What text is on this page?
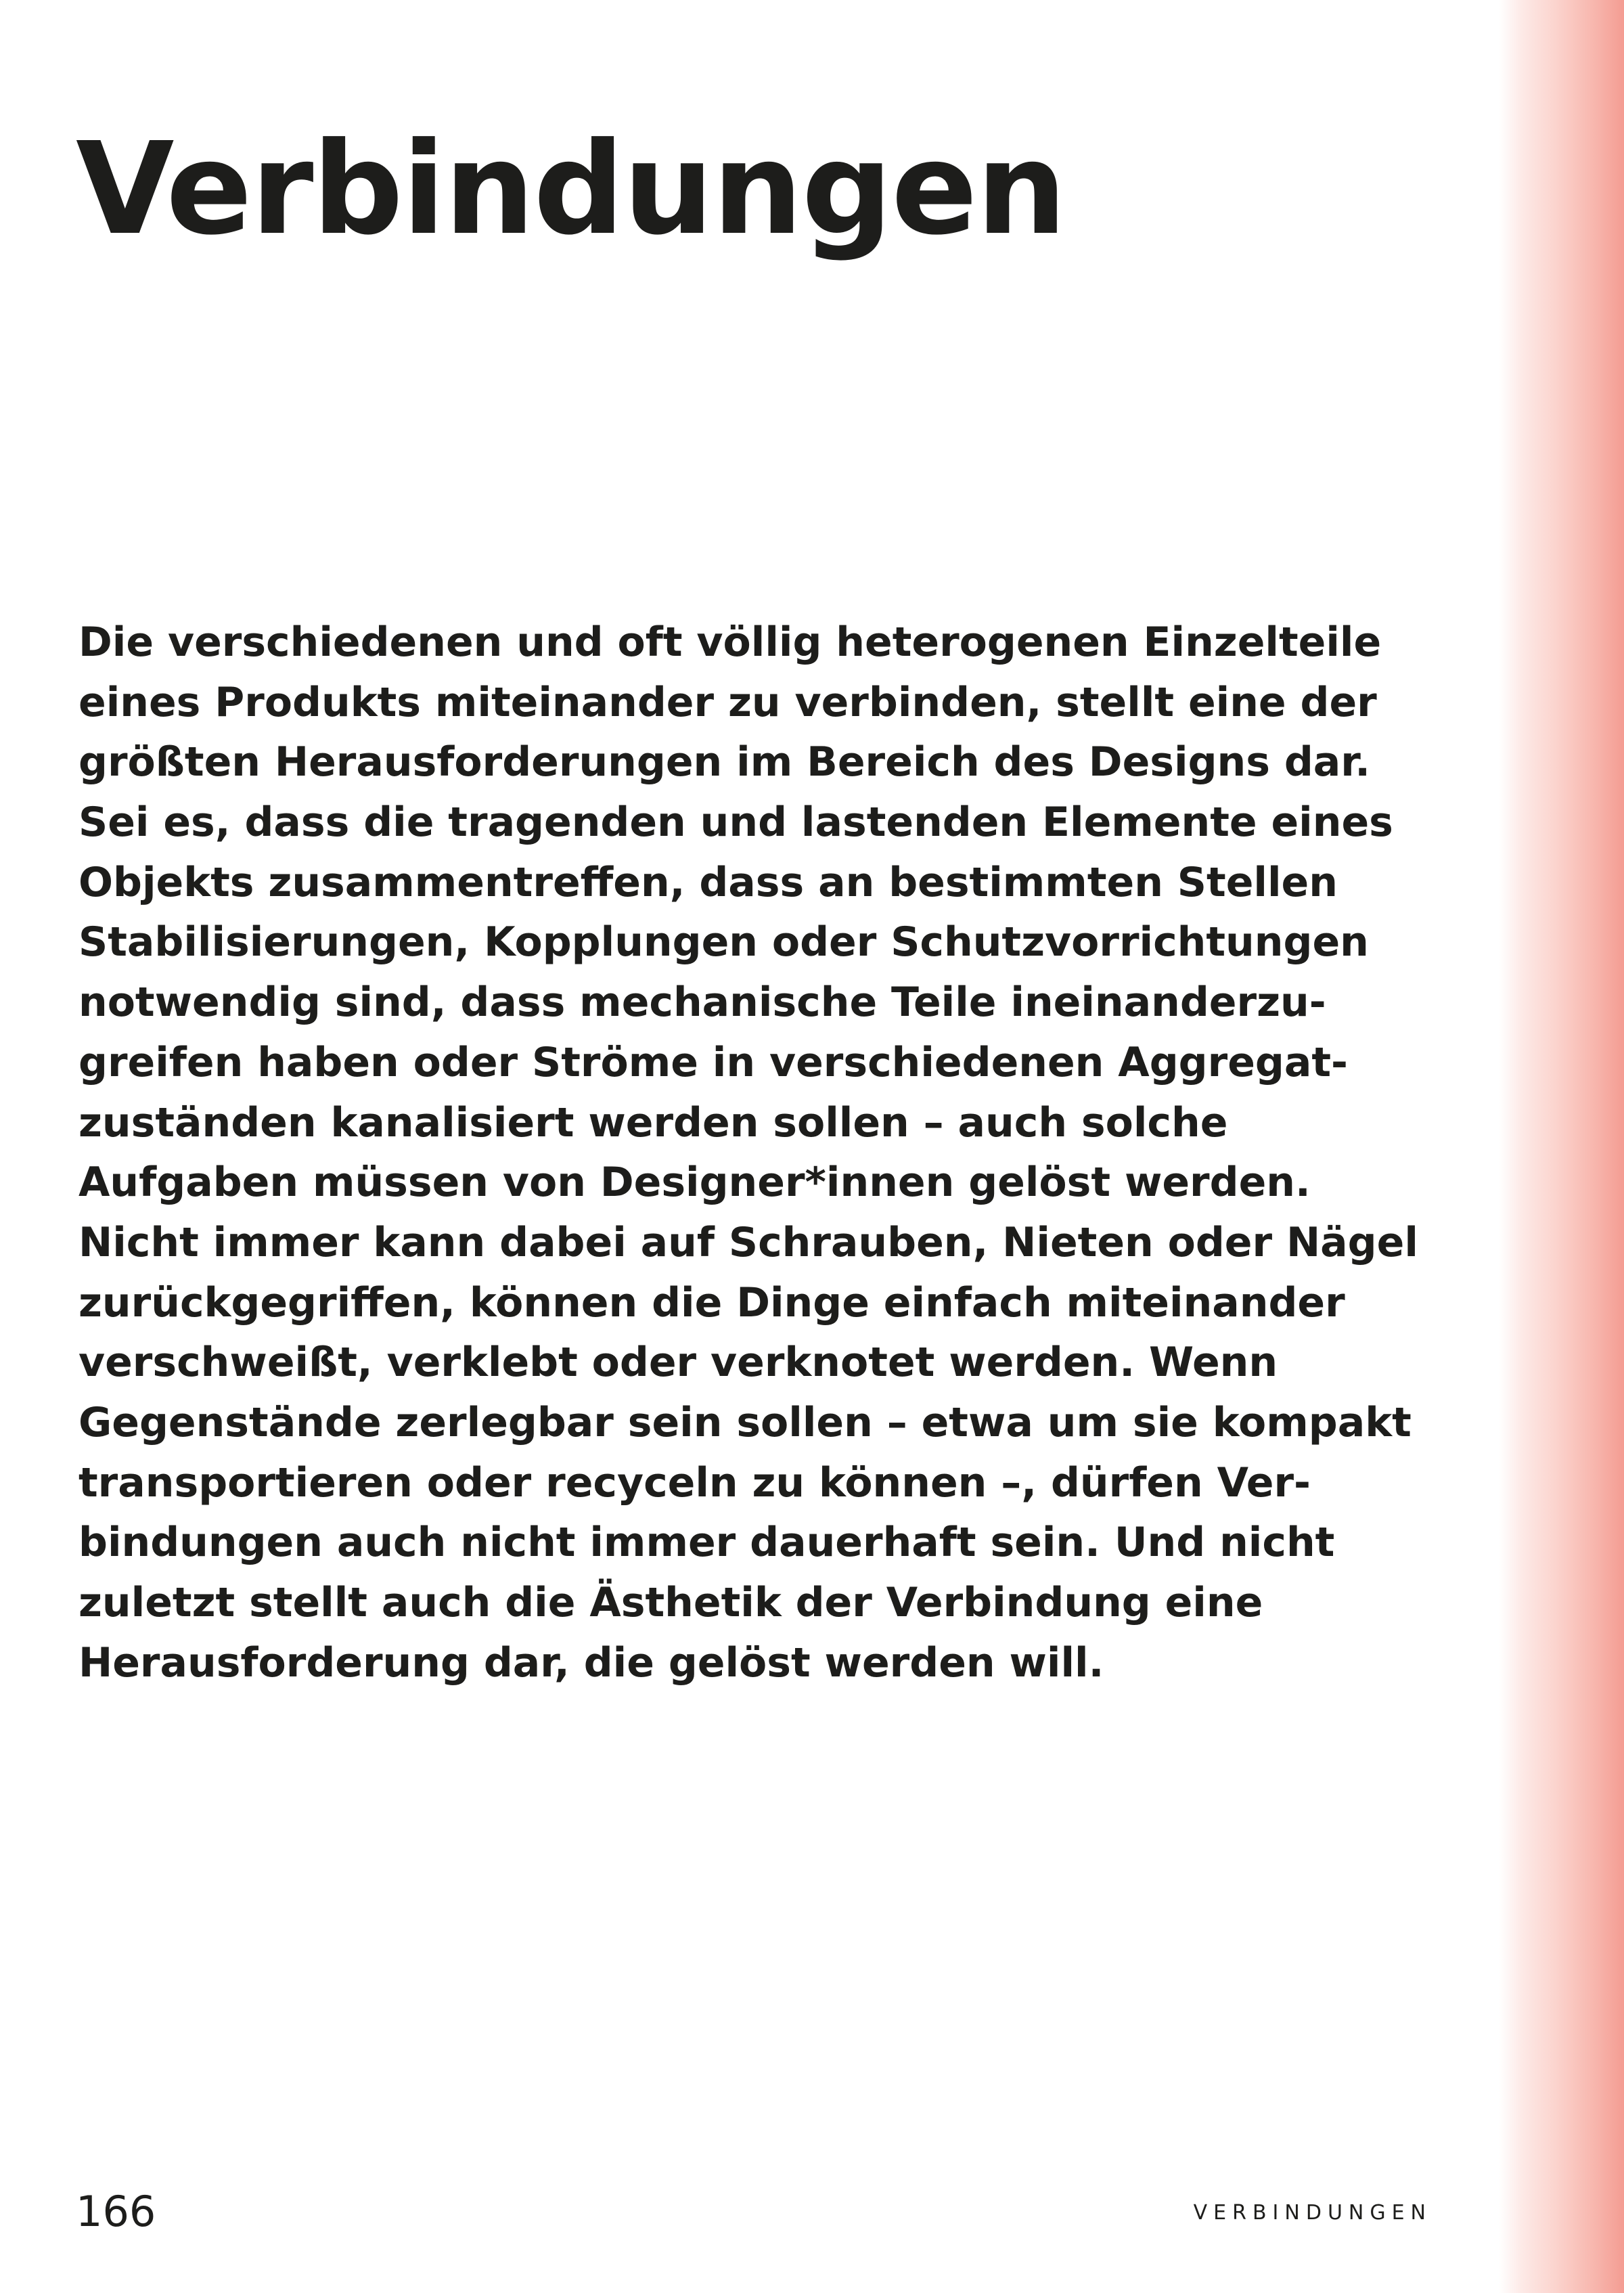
Verbindungen
Die verschiedenen und oft völlig heterogenen Einzelteile
eines Produkts miteinander zu verbinden, stellt eine der
größten Herausforderungen im Bereich des Designs dar.
Sei es, dass die tragenden und lastenden Elemente eines
Objekts zusammentreffen, dass an bestimmten Stellen
Stabilisierungen, Kopplungen oder Schutzvorrichtungen
notwendig sind, dass mechanische Teile ineinanderzu-
greifen haben oder Ströme in verschiedenen Aggregat-
zuständen kanalisiert werden sollen – auch solche
Aufgaben müssen von Designer*innen gelöst werden.
Nicht immer kann dabei auf Schrauben, Nieten oder Nägel
zurückgegriffen, können die Dinge einfach miteinander
verschweißt, verklebt oder verknotet werden. Wenn
Gegenstände zerlegbar sein sollen – etwa um sie kompakt
transportieren oder recyceln zu können –, dürfen Ver-
bindungen auch nicht immer dauerhaft sein. Und nicht
zuletzt stellt auch die Ästhetik der Verbindung eine
Herausforderung dar, die gelöst werden will.
166	VERBINDUNGEN
